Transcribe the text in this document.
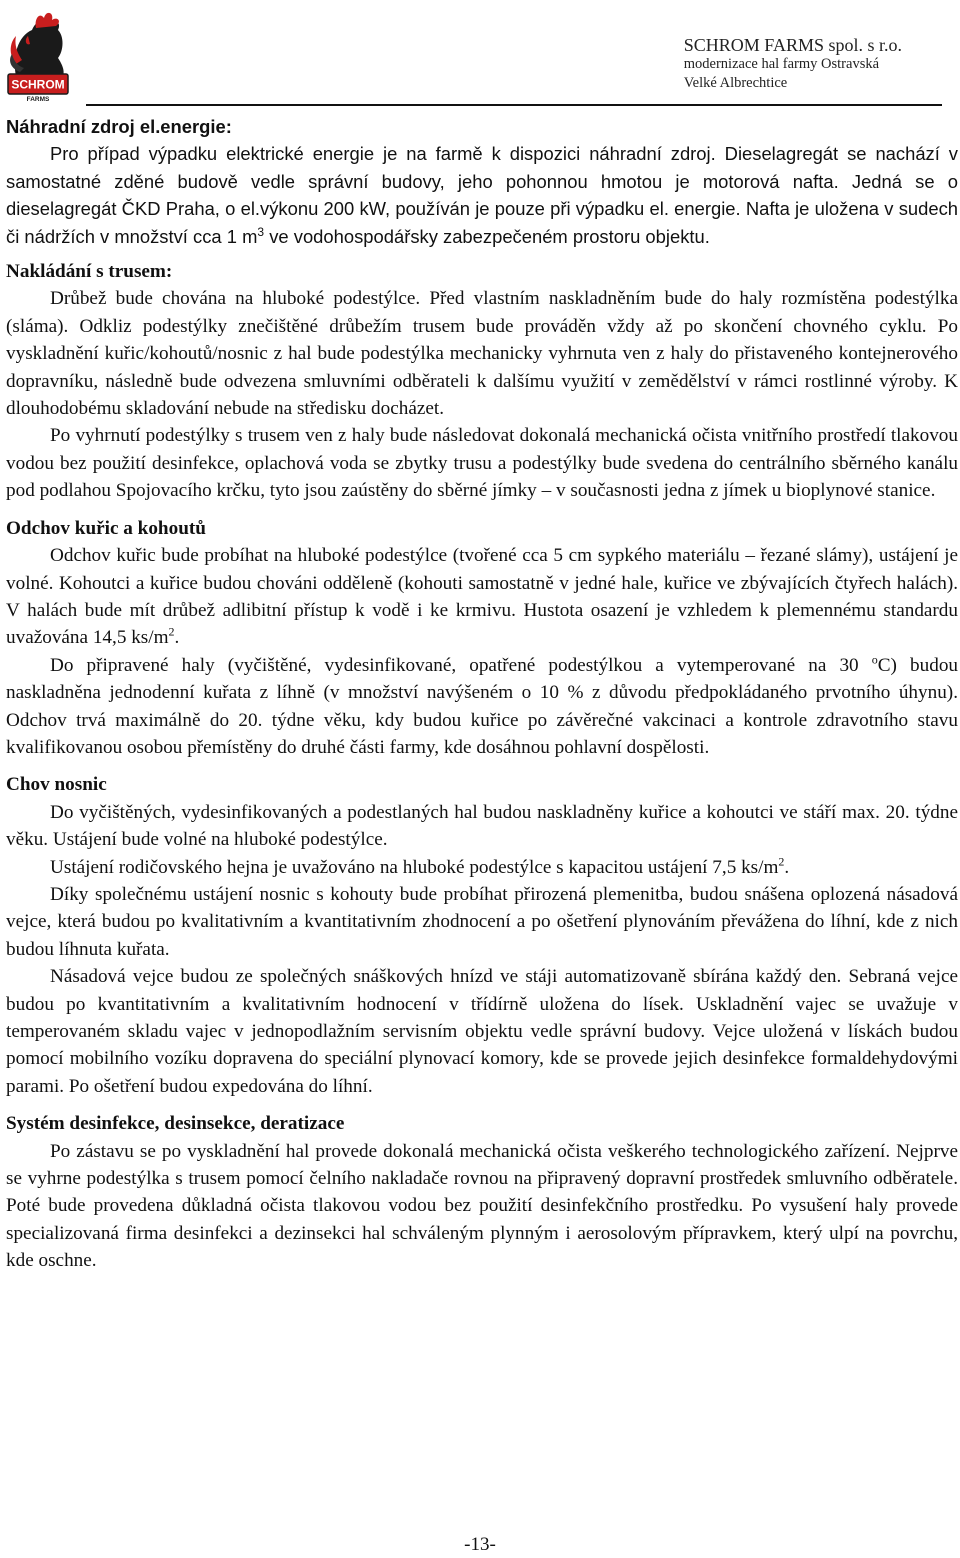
SCHROM
FARMS
SCHROM FARMS spol. s r.o.
modernizace hal farmy Ostravská
Velké Albrechtice

Náhradní zdroj el.energie:

Pro případ výpadku elektrické energie je na farmě k dispozici náhradní zdroj. Dieselagregát se nachází v samostatné zděné budově vedle správní budovy, jeho pohonnou hmotou je motorová nafta. Jedná se o dieselagregát ČKD Praha, o el.výkonu 200 kW, používán je pouze při výpadku el. energie. Nafta je uložena v sudech či nádržích v množství cca 1 $m^3$ ve vodohospodářsky zabezpečeném prostoru objektu.

Nakládání s trusem:

Drůbež bude chována na hluboké podestýlce. Před vlastním naskladněním bude do haly rozmístěna podestýlka (sláma). Odkliz podestýlky znečištěné drůbežím trusem bude prováděn vždy až po skončení chovného cyklu. Po vyskladnění kuřic/kohoutů/nosnic z hal bude podestýlka mechanicky vyhrnuta ven z haly do přistaveného kontejnerového dopravníku, následně bude odvezena smluvními odběrateli k dalšímu využití v zemědělství v rámci rostlinné výroby. K dlouhodobému skladování nebude na středisku docházet.

Po vyhrnutí podestýlky s trusem ven z haly bude následovat dokonalá mechanická očista vnitřního prostředí tlakovou vodou bez použití desinfekce, oplachová voda se zbytky trusu a podestýlky bude svedena do centrálního sběrného kanálu pod podlahou Spojovacího krčku, tyto jsou zaústěny do sběrné jímky – v současnosti jedna z jímek u bioplynové stanice.

Odchov kuřic a kohoutů

Odchov kuřic bude probíhat na hluboké podestýlce (tvořené cca 5 cm sypkého materiálu – řezané slámy), ustájení je volné. Kohoutci a kuřice budou chováni odděleně (kohouti samostatně v jedné hale, kuřice ve zbývajících čtyřech halách). V halách bude mít drůbež adlibitní přístup k vodě i ke krmivu. Hustota osazení je vzhledem k plemennému standardu uvažována 14,5 $ks/m^2$.

Do připravené haly (vyčištěné, vydesinfikované, opatřené podestýlkou a vytemperované na 30 $^o$C) budou naskladněna jednodenní kuřata z líhně (v množství navýšeném o 10 % z důvodu předpokládaného prvotního úhynu). Odchov trvá maximálně do 20. týdne věku, kdy budou kuřice po závěrečné vakcinaci a kontrole zdravotního stavu kvalifikovanou osobou přemístěny do druhé části farmy, kde dosáhnou pohlavní dospělosti.

Chov nosnic

Do vyčištěných, vydesinfikovaných a podestlaných hal budou naskladněny kuřice a kohoutci ve stáří max. 20. týdne věku. Ustájení bude volné na hluboké podestýlce.

Ustájení rodičovského hejna je uvažováno na hluboké podestýlce s kapacitou ustájení 7,5 $ks/m^2$.

Díky společnému ustájení nosnic s kohouty bude probíhat přirozená plemenitba, budou snášena oplozená násadová vejce, která budou po kvalitativním a kvantitativním zhodnocení a po ošetření plynováním převážena do líhní, kde z nich budou líhnuta kuřata.

Násadová vejce budou ze společných snáškových hnízd ve stáji automatizovaně sbírána každý den. Sebraná vejce budou po kvantitativním a kvalitativním hodnocení v třídírně uložena do lísek. Uskladnění vajec se uvažuje v temperovaném skladu vajec v jednopodlažním servisním objektu vedle správní budovy. Vejce uložená v lískách budou pomocí mobilního vozíku dopravena do speciální plynovací komory, kde se provede jejich desinfekce formaldehydovými parami. Po ošetření budou expedována do líhní.

Systém desinfekce, desinsekce, deratizace

Po zástavu se po vyskladnění hal provede dokonalá mechanická očista veškerého technologického zařízení. Nejprve se vyhrne podestýlka s trusem pomocí čelního nakladače rovnou na připravený dopravní prostředek smluvního odběratele. Poté bude provedena důkladná očista tlakovou vodou bez použití desinfekčního prostředku. Po vysušení haly provede specializovaná firma desinfekci a dezinsekci hal schváleným plynným i aerosolovým přípravkem, který ulpí na povrchu, kde oschne.

-13-
